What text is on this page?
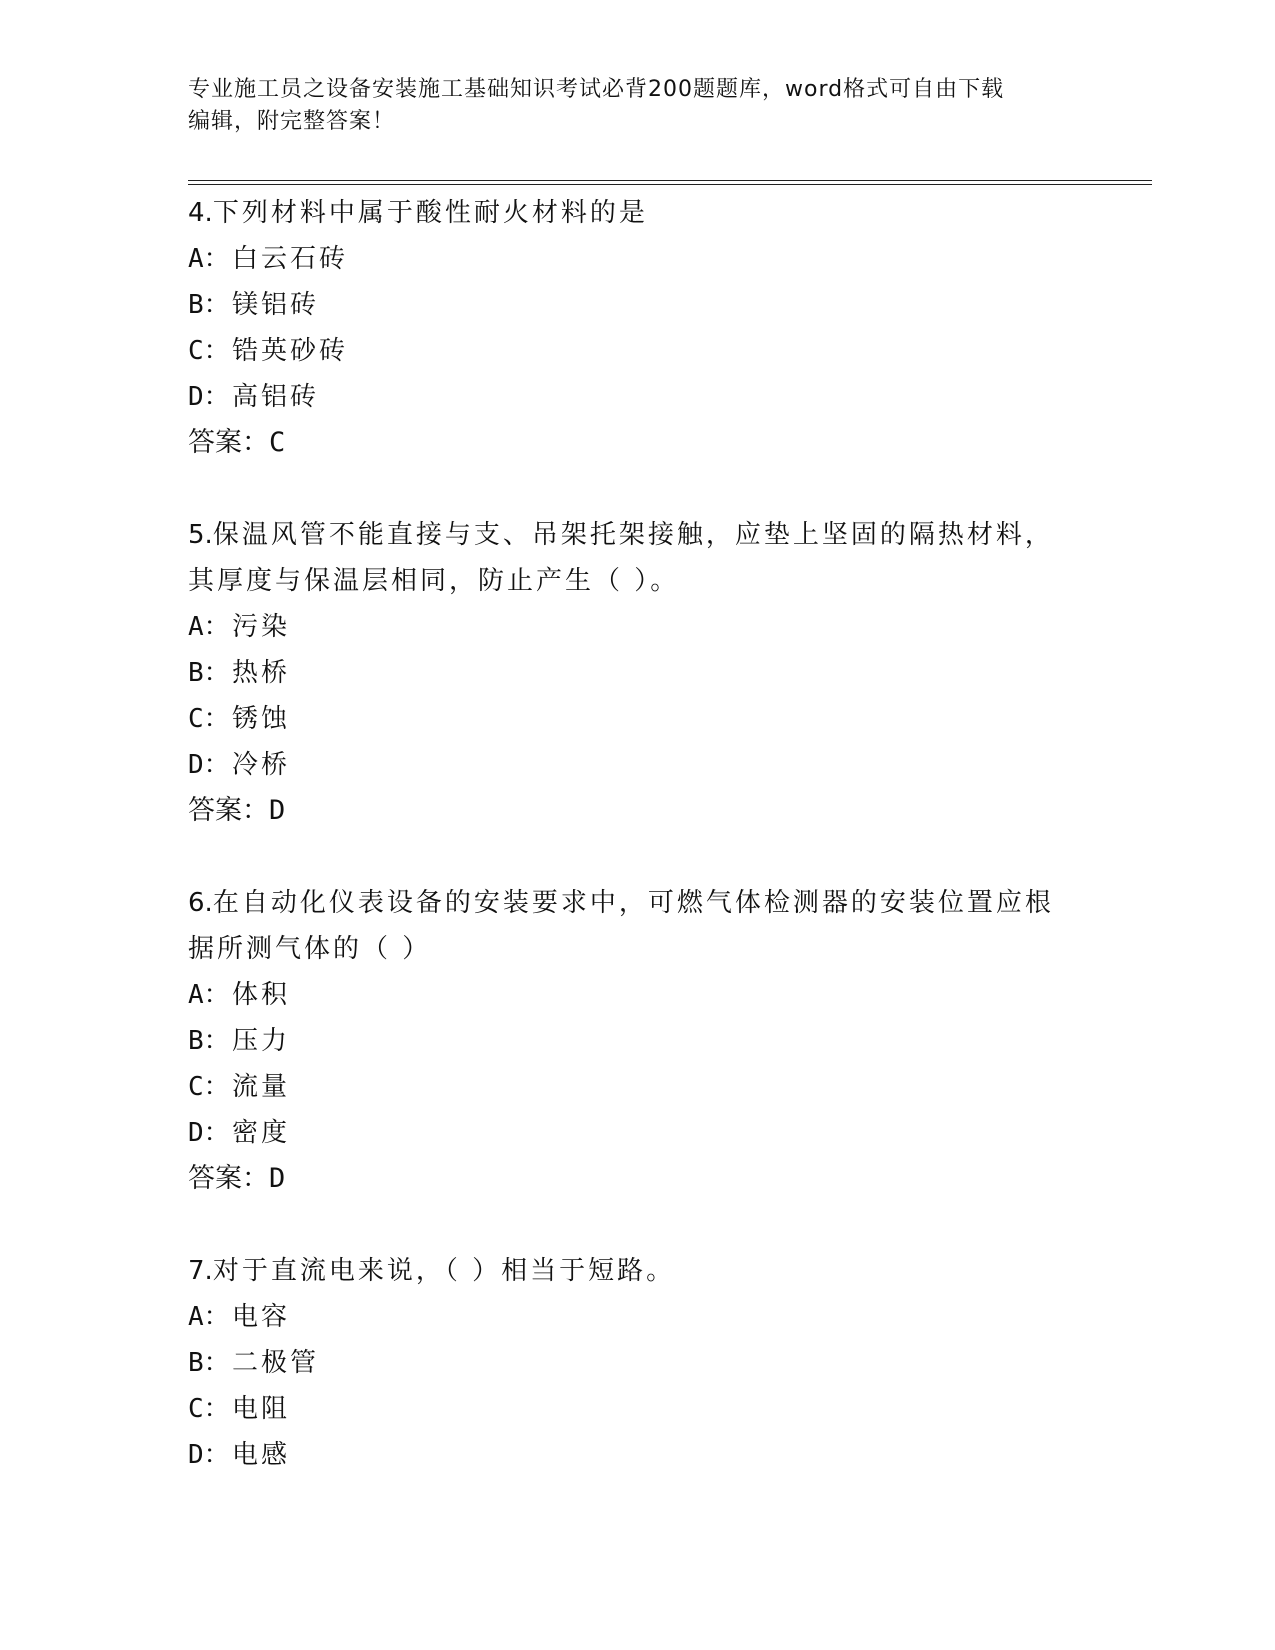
专业施工员之设备安装施工基础知识考试必背200题题库，word格式可自由下载
编辑，附完整答案！
4.下列材料中属于酸性耐火材料的是
A：白云石砖
B：镁铝砖
C：锆英砂砖
D：高铝砖
答案：C
5.保温风管不能直接与支、吊架托架接触，应垫上坚固的隔热材料，
其厚度与保温层相同，防止产生（ ）。
A：污染
B：热桥
C：锈蚀
D：冷桥
答案：D
6.在自动化仪表设备的安装要求中，可燃气体检测器的安装位置应根
据所测气体的（ ）
A：体积
B：压力
C：流量
D：密度
答案：D
7.对于直流电来说，（ ）相当于短路。
A：电容
B：二极管
C：电阻
D：电感
